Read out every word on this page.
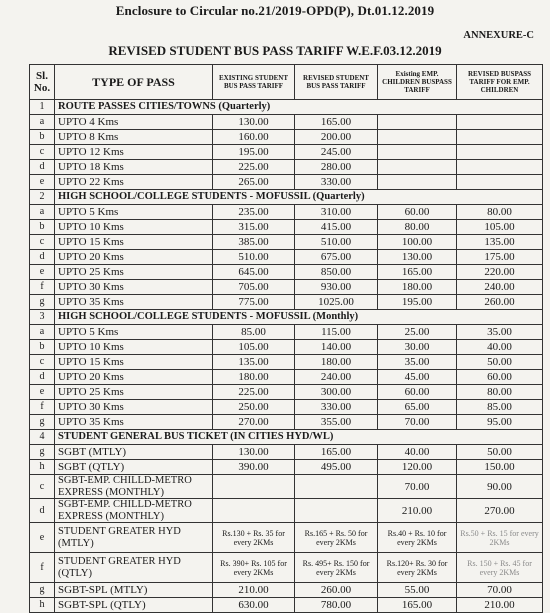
Enclosure to Circular no.21/2019-OPD(P), Dt.01.12.2019
ANNEXURE-C
REVISED STUDENT BUS PASS TARIFF W.E.F.03.12.2019
Sl. No.	TYPE OF PASS	EXISTING STUDENT BUS PASS TARIFF	REVISED STUDENT BUS PASS TARIFF	Existing EMP. CHILDREN BUSPASS TARIFF	REVISED BUSPASS TARIFF FOR EMP. CHILDREN
1	ROUTE PASSES CITIES/TOWNS (Quarterly)				
a	UPTO 4 Kms	130.00	165.00		
b	UPTO 8 Kms	160.00	200.00		
c	UPTO 12 Kms	195.00	245.00		
d	UPTO 18 Kms	225.00	280.00		
e	UPTO 22 Kms	265.00	330.00		
2	HIGH SCHOOL/COLLEGE STUDENTS - MOFUSSIL (Quarterly)				
a	UPTO 5 Kms	235.00	310.00	60.00	80.00
b	UPTO 10 Kms	315.00	415.00	80.00	105.00
c	UPTO 15 Kms	385.00	510.00	100.00	135.00
d	UPTO 20 Kms	510.00	675.00	130.00	175.00
e	UPTO 25 Kms	645.00	850.00	165.00	220.00
f	UPTO 30 Kms	705.00	930.00	180.00	240.00
g	UPTO 35 Kms	775.00	1025.00	195.00	260.00
3	HIGH SCHOOL/COLLEGE STUDENTS - MOFUSSIL (Monthly)				
a	UPTO 5 Kms	85.00	115.00	25.00	35.00
b	UPTO 10 Kms	105.00	140.00	30.00	40.00
c	UPTO 15 Kms	135.00	180.00	35.00	50.00
d	UPTO 20 Kms	180.00	240.00	45.00	60.00
e	UPTO 25 Kms	225.00	300.00	60.00	80.00
f	UPTO 30 Kms	250.00	330.00	65.00	85.00
g	UPTO 35 Kms	270.00	355.00	70.00	95.00
4	STUDENT GENERAL BUS TICKET (IN CITIES HYD/WL)				
g	SGBT (MTLY)	130.00	165.00	40.00	50.00
h	SGBT (QTLY)	390.00	495.00	120.00	150.00
c	SGBT-EMP. CHILLD-METRO EXPRESS (MONTHLY)			70.00	90.00
d	SGBT-EMP. CHILLD-METRO EXPRESS (MONTHLY)			210.00	270.00
e	STUDENT GREATER HYD (MTLY)	Rs.130 + Rs. 35 for every 2KMs	Rs.165 + Rs. 50 for every 2KMs	Rs.40 + Rs. 10 for every 2KMs	Rs.50 + Rs. 15 for every 2KMs
f	STUDENT GREATER HYD (QTLY)	Rs. 390+ Rs. 105 for every 2KMs	Rs. 495+ Rs. 150 for every 2KMs	Rs.120+ Rs. 30 for every 2KMs	Rs. 150 + Rs. 45 for every 2KMs
g	SGBT-SPL (MTLY)	210.00	260.00	55.00	70.00
h	SGBT-SPL (QTLY)	630.00	780.00	165.00	210.00
